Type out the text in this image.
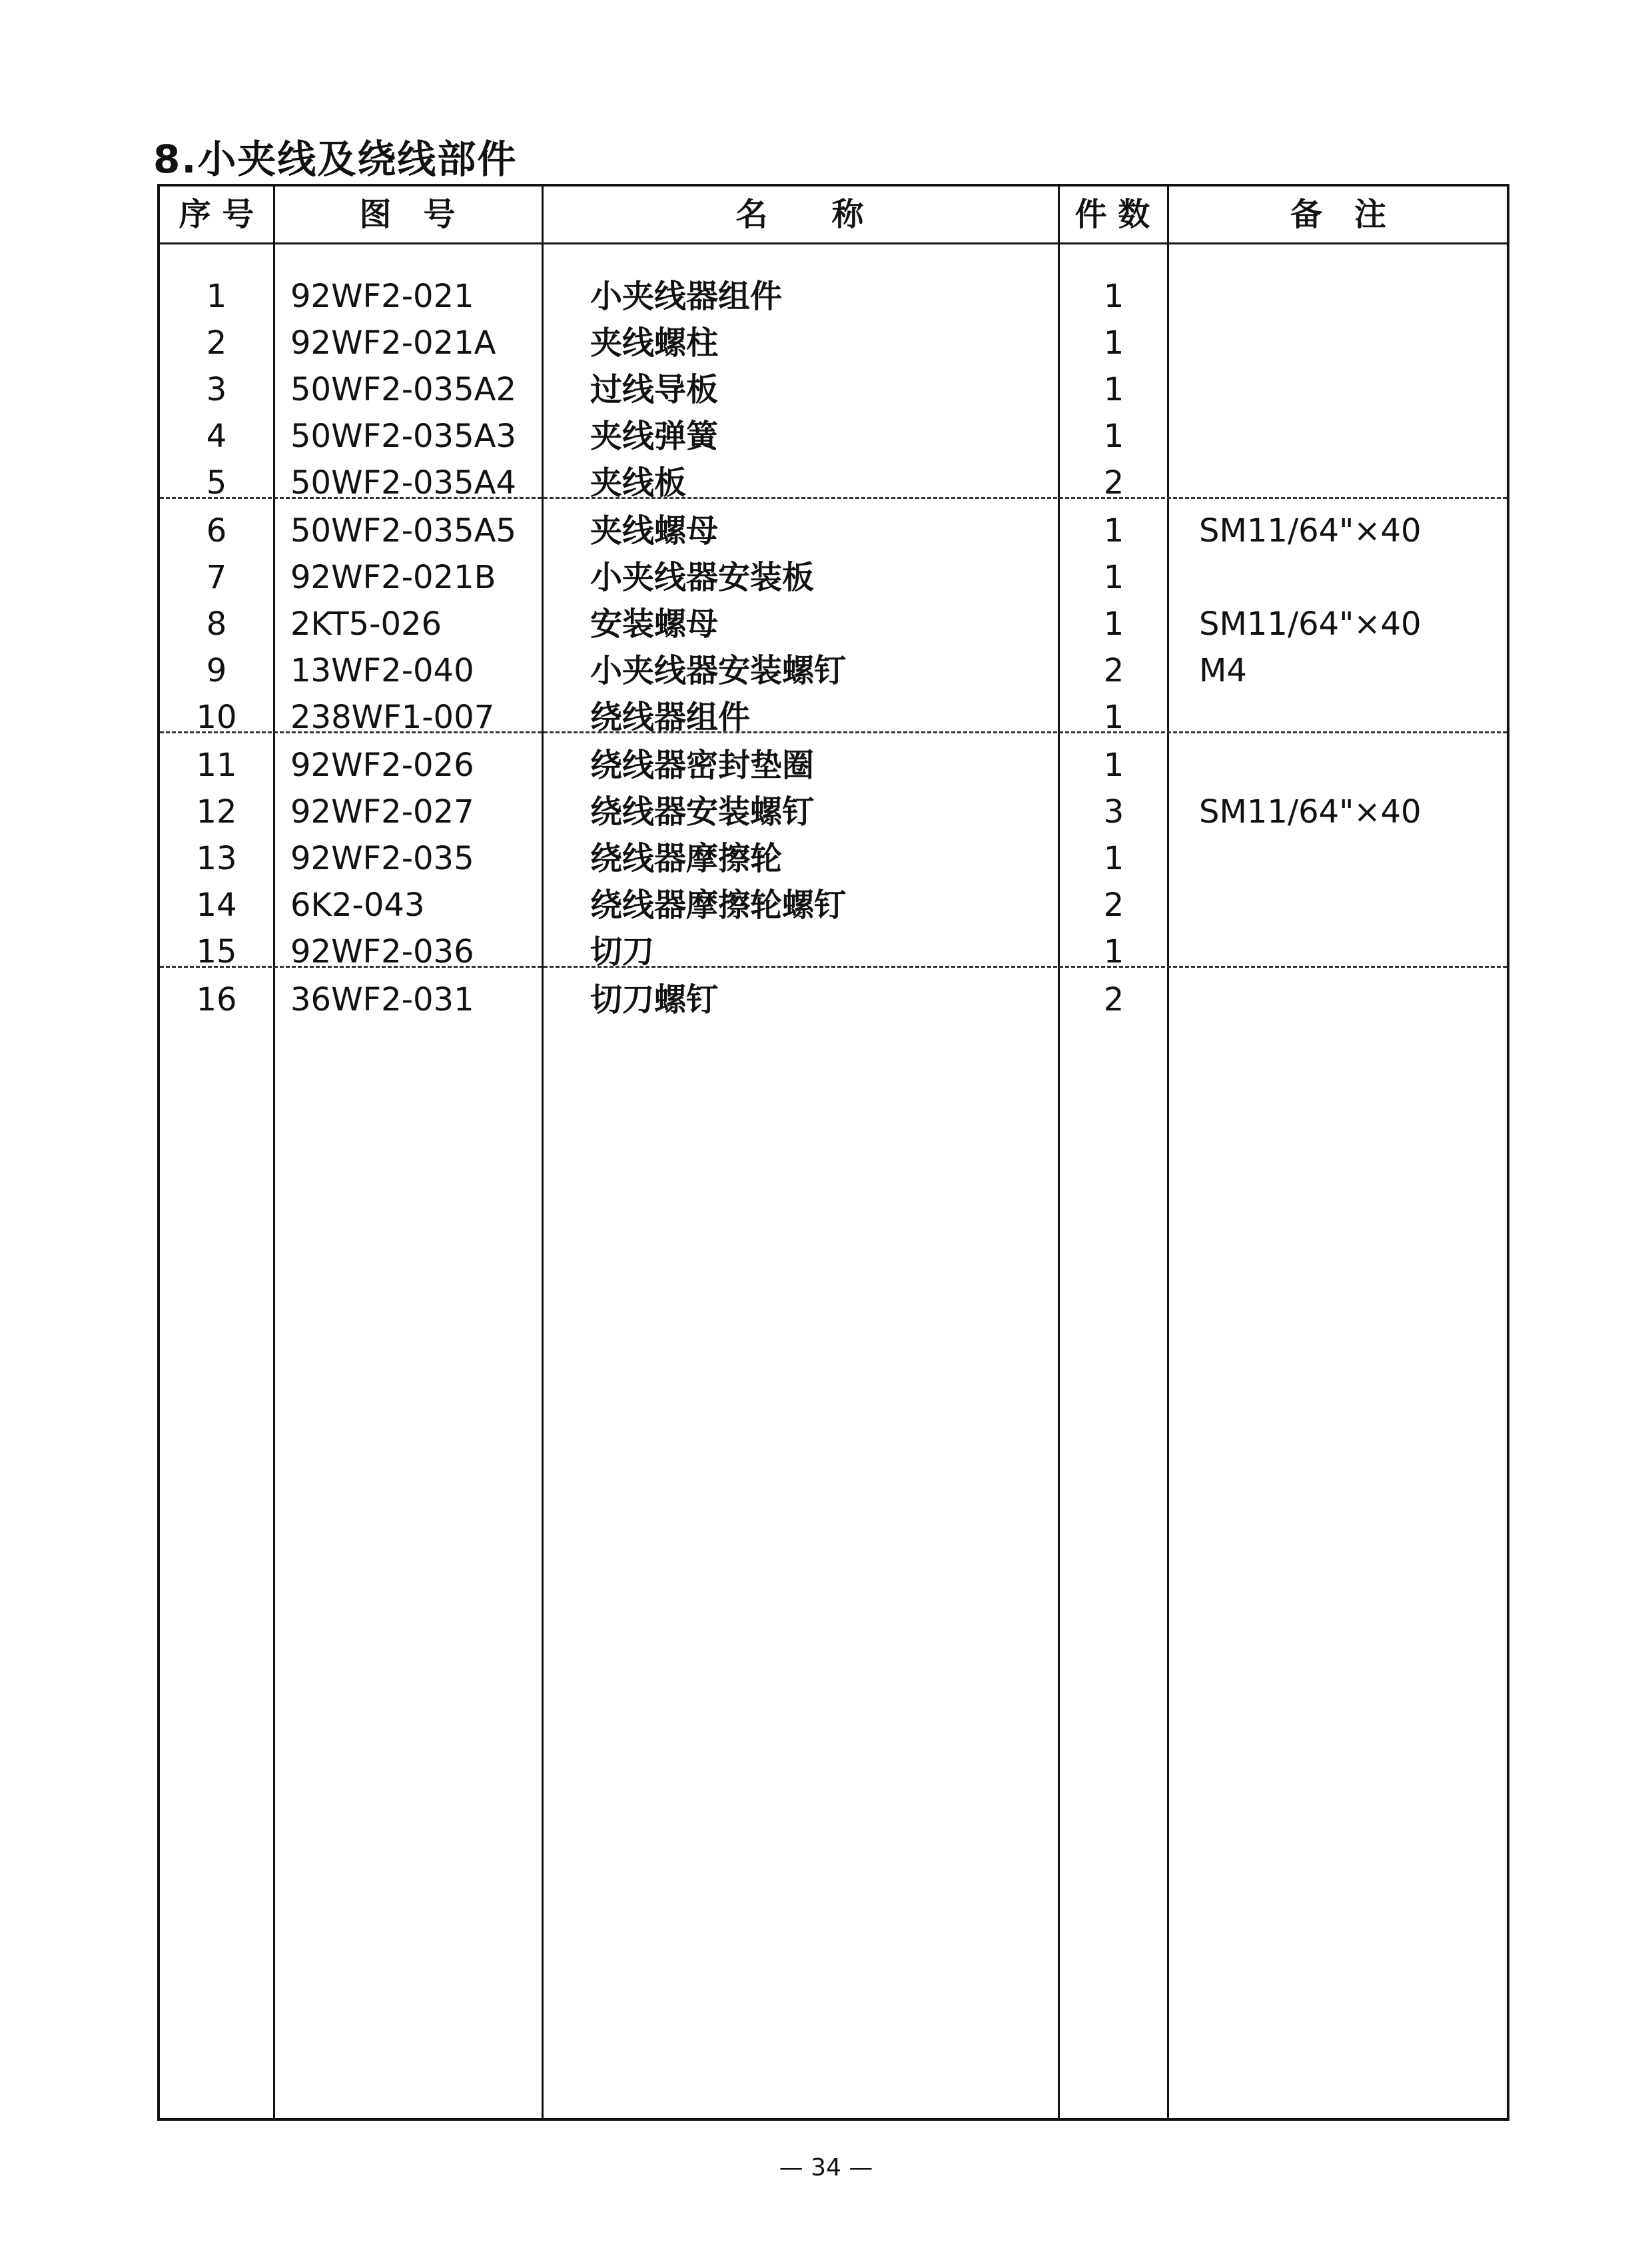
8.小夹线及绕线部件
序 号	图　号	名　　称	件 数	备　注
1	92WF2-021	小夹线器组件	1
2	92WF2-021A	夹线螺柱	1
3	50WF2-035A2	过线导板	1
4	50WF2-035A3	夹线弹簧	1
5	50WF2-035A4	夹线板	2
6	50WF2-035A5	夹线螺母	1	SM11/64"×40
7	92WF2-021B	小夹线器安装板	1
8	2KT5-026	安装螺母	1	SM11/64"×40
9	13WF2-040	小夹线器安装螺钉	2	M4
10	238WF1-007	绕线器组件	1
11	92WF2-026	绕线器密封垫圈	1
12	92WF2-027	绕线器安装螺钉	3	SM11/64"×40
13	92WF2-035	绕线器摩擦轮	1
14	6K2-043	绕线器摩擦轮螺钉	2
15	92WF2-036	切刀	1
16	36WF2-031	切刀螺钉	2
— 34 —
